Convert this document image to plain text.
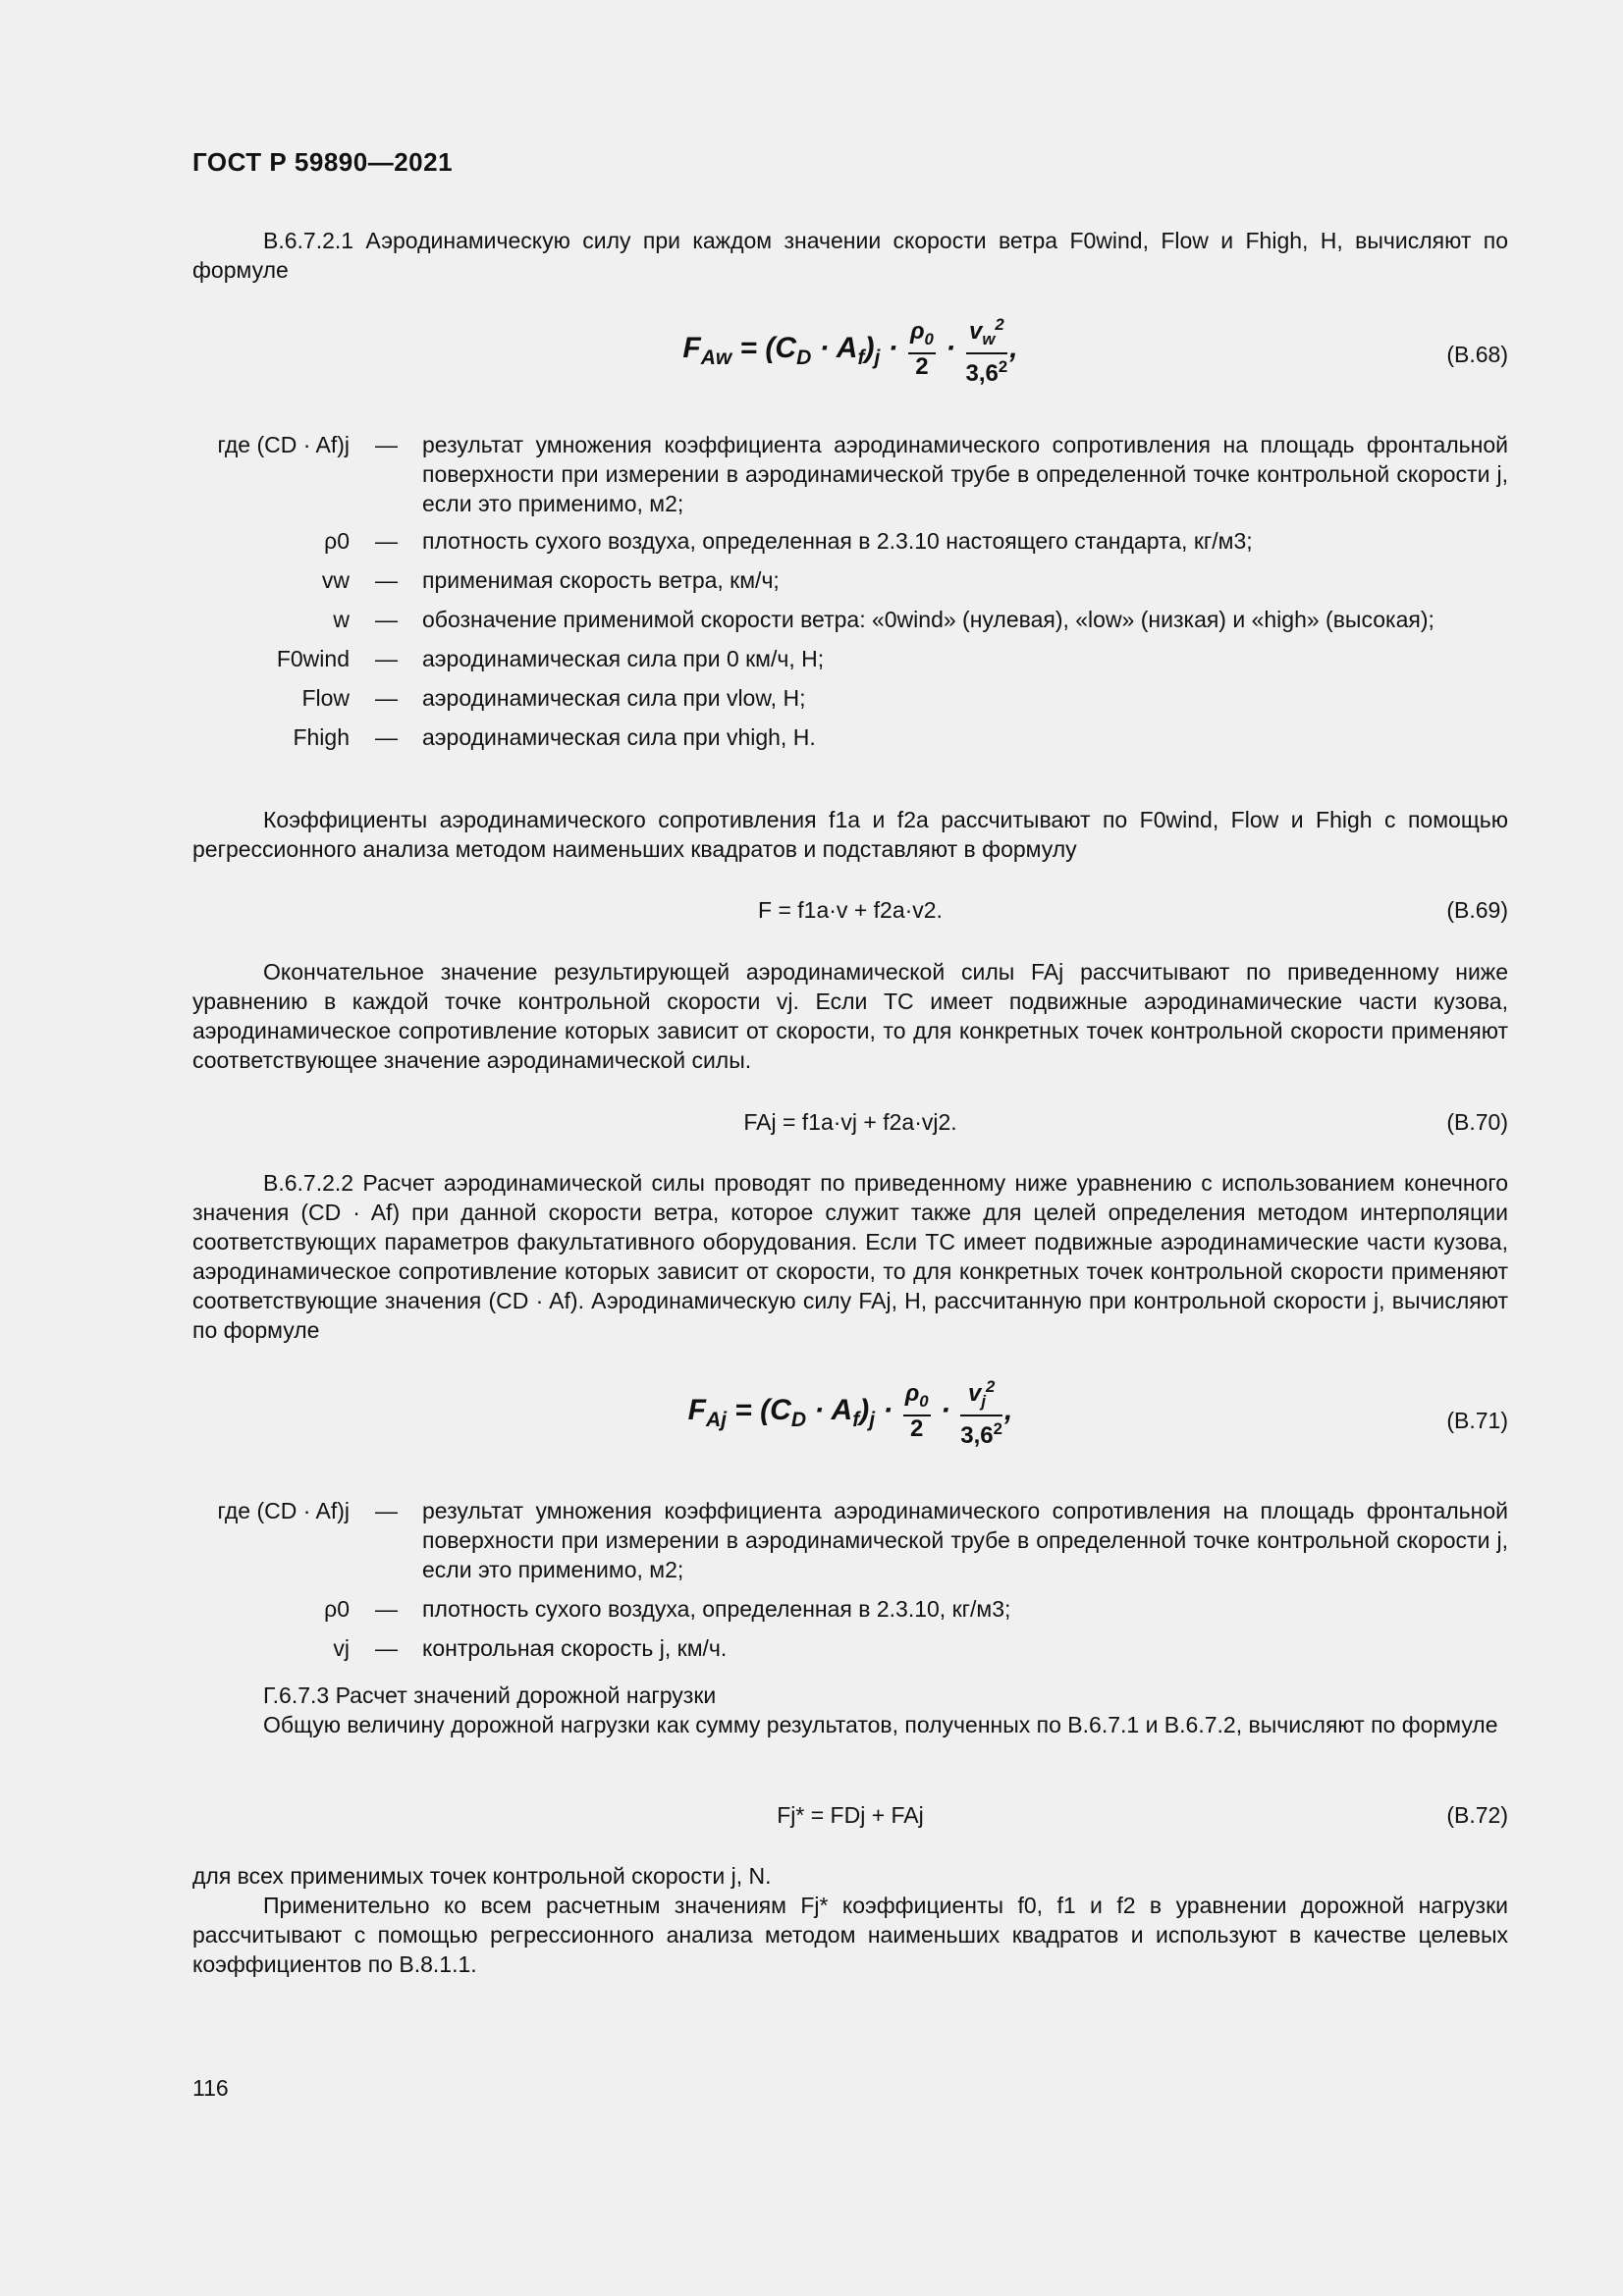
ГОСТ Р 59890—2021
В.6.7.2.1 Аэродинамическую силу при каждом значении скорости ветра F0wind, Flow и Fhigh, Н, вычисляют по формуле
$F_{Aw} = (C_D \cdot A_f)_j \cdot \frac{\rho_0}{2} \cdot \frac{v_w^2}{3,6^2}$ ,	(В.68)
где (CD · Af)j — результат умножения коэффициента аэродинамического сопротивления на площадь фронтальной поверхности при измерении в аэродинамической трубе в определенной точке контрольной скорости j, если это применимо, м2;
ρ0 — плотность сухого воздуха, определенная в 2.3.10 настоящего стандарта, кг/м3;
vw — применимая скорость ветра, км/ч;
w — обозначение применимой скорости ветра: «0wind» (нулевая), «low» (низкая) и «high» (высокая);
F0wind — аэродинамическая сила при 0 км/ч, Н;
Flow — аэродинамическая сила при vlow, Н;
Fhigh — аэродинамическая сила при vhigh, Н.
Коэффициенты аэродинамического сопротивления f1a и f2a рассчитывают по F0wind, Flow и Fhigh с помощью регрессионного анализа методом наименьших квадратов и подставляют в формулу
F = f1a·v + f2a·v2.	(В.69)
Окончательное значение результирующей аэродинамической силы FAj рассчитывают по приведенному ниже уравнению в каждой точке контрольной скорости vj. Если ТС имеет подвижные аэродинамические части кузова, аэродинамическое сопротивление которых зависит от скорости, то для конкретных точек контрольной скорости применяют соответствующее значение аэродинамической силы.
FAj = f1a·vj + f2a·vj2.	(В.70)
В.6.7.2.2 Расчет аэродинамической силы проводят по приведенному ниже уравнению с использованием конечного значения (CD · Af) при данной скорости ветра, которое служит также для целей определения методом интерполяции соответствующих параметров факультативного оборудования. Если ТС имеет подвижные аэродинамические части кузова, аэродинамическое сопротивление которых зависит от скорости, то для конкретных точек контрольной скорости применяют соответствующие значения (CD · Af). Аэродинамическую силу FAj, Н, рассчитанную при контрольной скорости j, вычисляют по формуле
$F_{Aj} = (C_D \cdot A_f)_j \cdot \frac{\rho_0}{2} \cdot \frac{v_j^2}{3,6^2}$ ,	(В.71)
где (CD · Af)j — результат умножения коэффициента аэродинамического сопротивления на площадь фронтальной поверхности при измерении в аэродинамической трубе в определенной точке контрольной скорости j, если это применимо, м2;
ρ0 — плотность сухого воздуха, определенная в 2.3.10, кг/м3;
vj — контрольная скорость j, км/ч.
Г.6.7.3 Расчет значений дорожной нагрузки
Общую величину дорожной нагрузки как сумму результатов, полученных по В.6.7.1 и В.6.7.2, вычисляют по формуле
Fj* = FDj + FAj	(В.72)
для всех применимых точек контрольной скорости j, N.
Применительно ко всем расчетным значениям Fj* коэффициенты f0, f1 и f2 в уравнении дорожной нагрузки рассчитывают с помощью регрессионного анализа методом наименьших квадратов и используют в качестве целевых коэффициентов по В.8.1.1.
116
